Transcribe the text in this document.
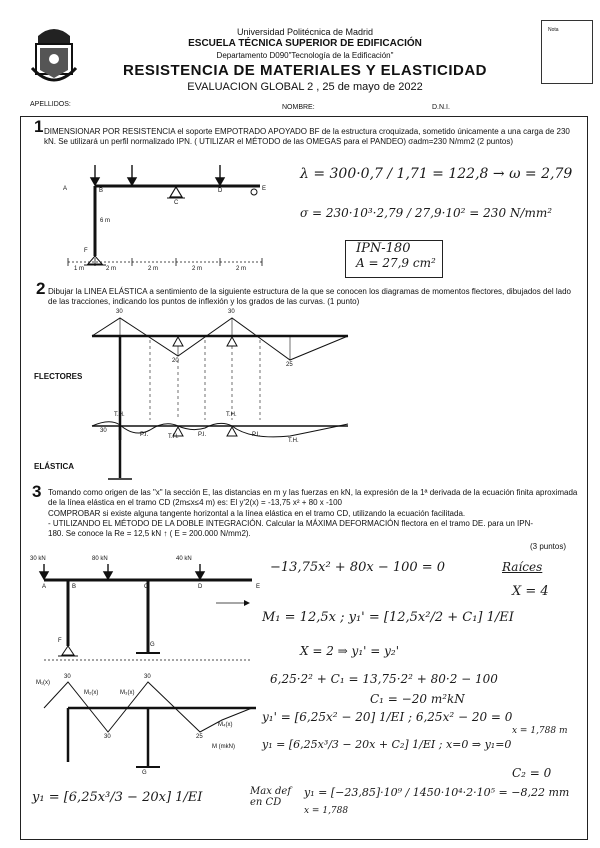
Universidad Politécnica de Madrid
ESCUELA TÉCNICA SUPERIOR DE EDIFICACIÓN
Departamento D090"Tecnología de la Edificación"
RESISTENCIA DE MATERIALES Y ELASTICIDAD
EVALUACION GLOBAL 2 , 25 de mayo de 2022
APELLIDOS:	NOMBRE:	D.N.I.
Nota
1 DIMENSIONAR POR RESISTENCIA el soporte EMPOTRADO APOYADO BF de la estructura croquizada, sometido únicamente a una carga de 230 kN. Se utilizará un perfil normalizado IPN. ( UTILIZAR el MÉTODO de las OMEGAS para el PANDEO) σadm=230 N/mm2 (2 puntos)
A	B
C
D	E
F
6 m
1 m	2 m	2 m	2 m	2 m
λ = 300·0,7 / 1,71 = 122,8 → ω = 2,79
σ = 230·10³·2,79 / 27,9·10² = 230 N/mm²
IPN-180
A = 27,9 cm²
2 Dibujar la LINEA ELÁSTICA a sentimiento de la siguiente estructura de la que se conocen los diagramas de momentos flectores, dibujados del lado de las tracciones, indicando los puntos de inflexión y los grados de las curvas. (1 punto)
FLECTORES
ELÁSTICA
30
20
30
25
30
T.H.
P.I.	T.H.	P.I.
T.H.
P.I.
T.H.
3 Tomando como origen de las "x" la sección E, las distancias en m y las fuerzas en kN, la expresión de la 1ª derivada de la ecuación finita aproximada de la línea elástica en el tramo CD (2m≤x≤4 m) es: El y'2(x) = -13,75 x² + 80 x -100
COMPROBAR si existe alguna tangente horizontal a la línea elástica en el tramo CD, utilizando la ecuación facilitada.
- UTILIZANDO EL MÉTODO DE LA DOBLE INTEGRACIÓN. Calcular la MÁXIMA DEFORMACIÓN flectora en el tramo DE. para un IPN-180. Se conoce la Re = 12,5 kN ↑ ( E = 200.000 N/mm2).
(3 puntos)
30 kN	80 kN	40 kN
A	B	C	D	E
F
G
M₁(x)
M₂(x)	M₃(x)
M₄(x)
30
30
30
25
M (mkN)
G
−13,75x² + 80x − 100 = 0	Raíces
X = 4
M₁ = 12,5x ; y₁' = [12,5x²/2 + C₁] 1/EI
X = 2 ⇒ y₁' = y₂'
6,25·2² + C₁ = 13,75·2² + 80·2 − 100
C₁ = −20 m²kN
y₁' = [6,25x² − 20] 1/EI ; 6,25x² − 20 = 0
x = 1,788 m
y₁ = [6,25x³/3 − 20x + C₂] 1/EI ; x=0 ⇒ y₁=0
C₂ = 0
y₁ = [6,25x³/3 − 20x] 1/EI	Max def en CD
x = 1,788
y₁ = [−23,85]·10⁹ / 1450·10⁴·2·10⁵ = −8,22 mm
